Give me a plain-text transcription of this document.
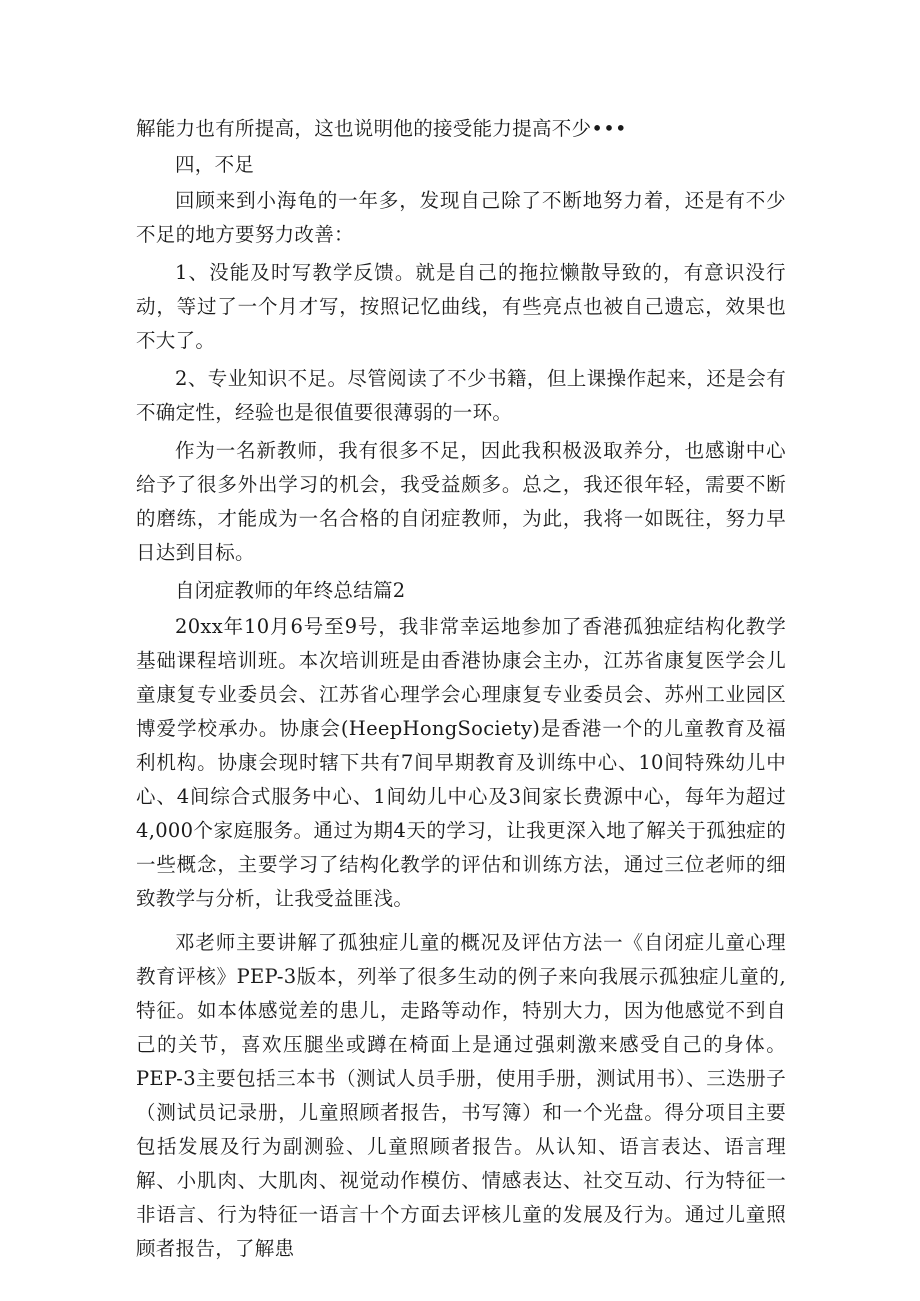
解能力也有所提高，这也说明他的接受能力提高不少•••

四，不足

回顾来到小海龟的一年多，发现自己除了不断地努力着，还是有不少不足的地方要努力改善：

1、没能及时写教学反馈。就是自己的拖拉懒散导致的，有意识没行动，等过了一个月才写，按照记忆曲线，有些亮点也被自己遗忘，效果也不大了。

2、专业知识不足。尽管阅读了不少书籍，但上课操作起来，还是会有不确定性，经验也是很值要很薄弱的一环。

作为一名新教师，我有很多不足，因此我积极汲取养分，也感谢中心给予了很多外出学习的机会，我受益颇多。总之，我还很年轻，需要不断的磨练，才能成为一名合格的自闭症教师，为此，我将一如既往，努力早日达到目标。

自闭症教师的年终总结篇2

20xx年10月6号至9号，我非常幸运地参加了香港孤独症结构化教学基础课程培训班。本次培训班是由香港协康会主办，江苏省康复医学会儿童康复专业委员会、江苏省心理学会心理康复专业委员会、苏州工业园区博爱学校承办。协康会(HeepHongSociety)是香港一个的儿童教育及福利机构。协康会现时辖下共有7间早期教育及训练中心、10间特殊幼儿中心、4间综合式服务中心、1间幼儿中心及3间家长费源中心，每年为超过4,000个家庭服务。通过为期4天的学习，让我更深入地了解关于孤独症的一些概念，主要学习了结构化教学的评估和训练方法，通过三位老师的细致教学与分析，让我受益匪浅。

邓老师主要讲解了孤独症儿童的概况及评估方法一《自闭症儿童心理教育评核》PEP-3版本，列举了很多生动的例子来向我展示孤独症儿童的,特征。如本体感觉差的患儿，走路等动作，特别大力，因为他感觉不到自己的关节，喜欢压腿坐或蹲在椅面上是通过强刺激来感受自己的身体。PEP-3主要包括三本书（测试人员手册，使用手册，测试用书）、三迭册子（测试员记录册，儿童照顾者报告，书写簿）和一个光盘。得分项目主要包括发展及行为副测验、儿童照顾者报告。从认知、语言表达、语言理解、小肌肉、大肌肉、视觉动作模仿、情感表达、社交互动、行为特征一非语言、行为特征一语言十个方面去评核儿童的发展及行为。通过儿童照顾者报告，了解患
